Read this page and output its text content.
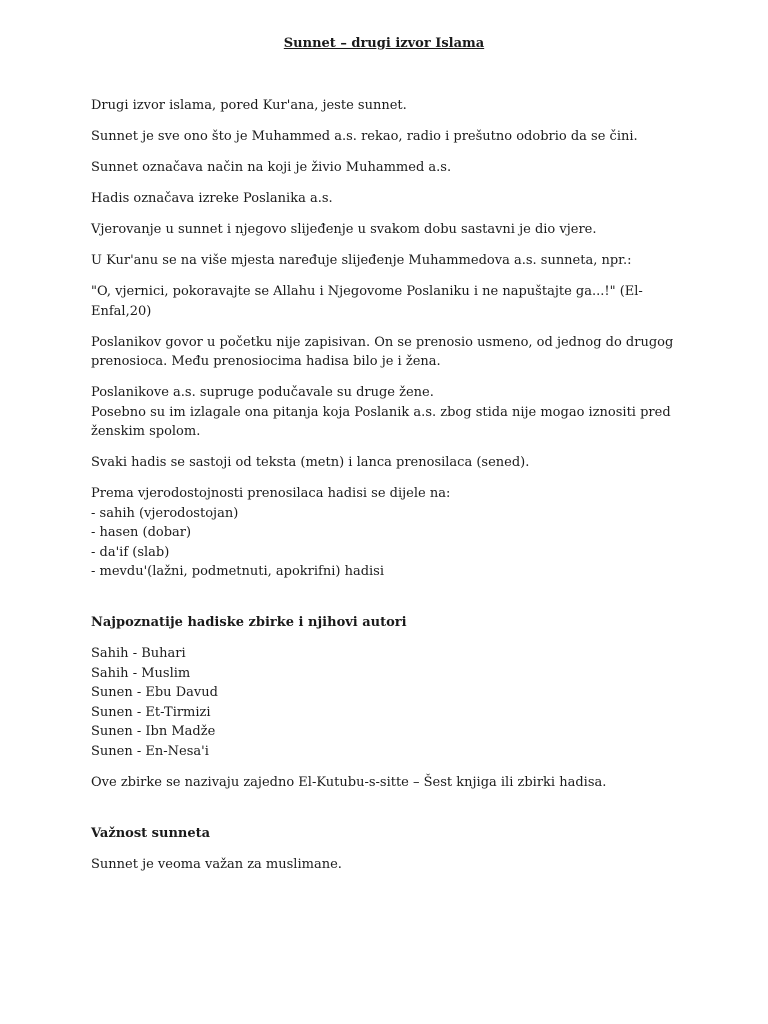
Sunnet – drugi izvor Islama

Drugi izvor islama, pored Kur'ana, jeste sunnet.

Sunnet je sve ono što je Muhammed a.s. rekao, radio i prešutno odobrio da se čini.

Sunnet označava način na koji je živio Muhammed a.s.

Hadis označava izreke Poslanika a.s.

Vjerovanje u sunnet i njegovo slijeđenje u svakom dobu sastavni je dio vjere.

U Kur'anu se na više mjesta naređuje slijeđenje Muhammedova a.s. sunneta, npr.:

"O, vjernici, pokoravajte se Allahu i Njegovome Poslaniku i ne napuštajte ga...!" (El-Enfal,20)

Poslanikov govor u početku nije zapisivan. On se prenosio usmeno, od jednog do drugog prenosioca. Među prenosiocima hadisa bilo je i žena.

Poslanikove a.s. supruge podučavale su druge žene.
Posebno su im izlagale ona pitanja koja Poslanik a.s. zbog stida nije mogao iznositi pred ženskim spolom.

Svaki hadis se sastoji od teksta (metn) i lanca prenosilaca (sened).

Prema vjerodostojnosti prenosilaca hadisi se dijele na:
- sahih (vjerodostojan)
- hasen (dobar)
- da'if (slab)
- mevdu'(lažni, podmetnuti, apokrifni) hadisi

Najpoznatije hadiske zbirke i njihovi autori

Sahih - Buhari
Sahih - Muslim
Sunen - Ebu Davud
Sunen - Et-Tirmizi
Sunen - Ibn Madže
Sunen - En-Nesa'i

Ove zbirke se nazivaju zajedno El-Kutubu-s-sitte – Šest knjiga ili zbirki hadisa.

Važnost sunneta

Sunnet je veoma važan za muslimane.
